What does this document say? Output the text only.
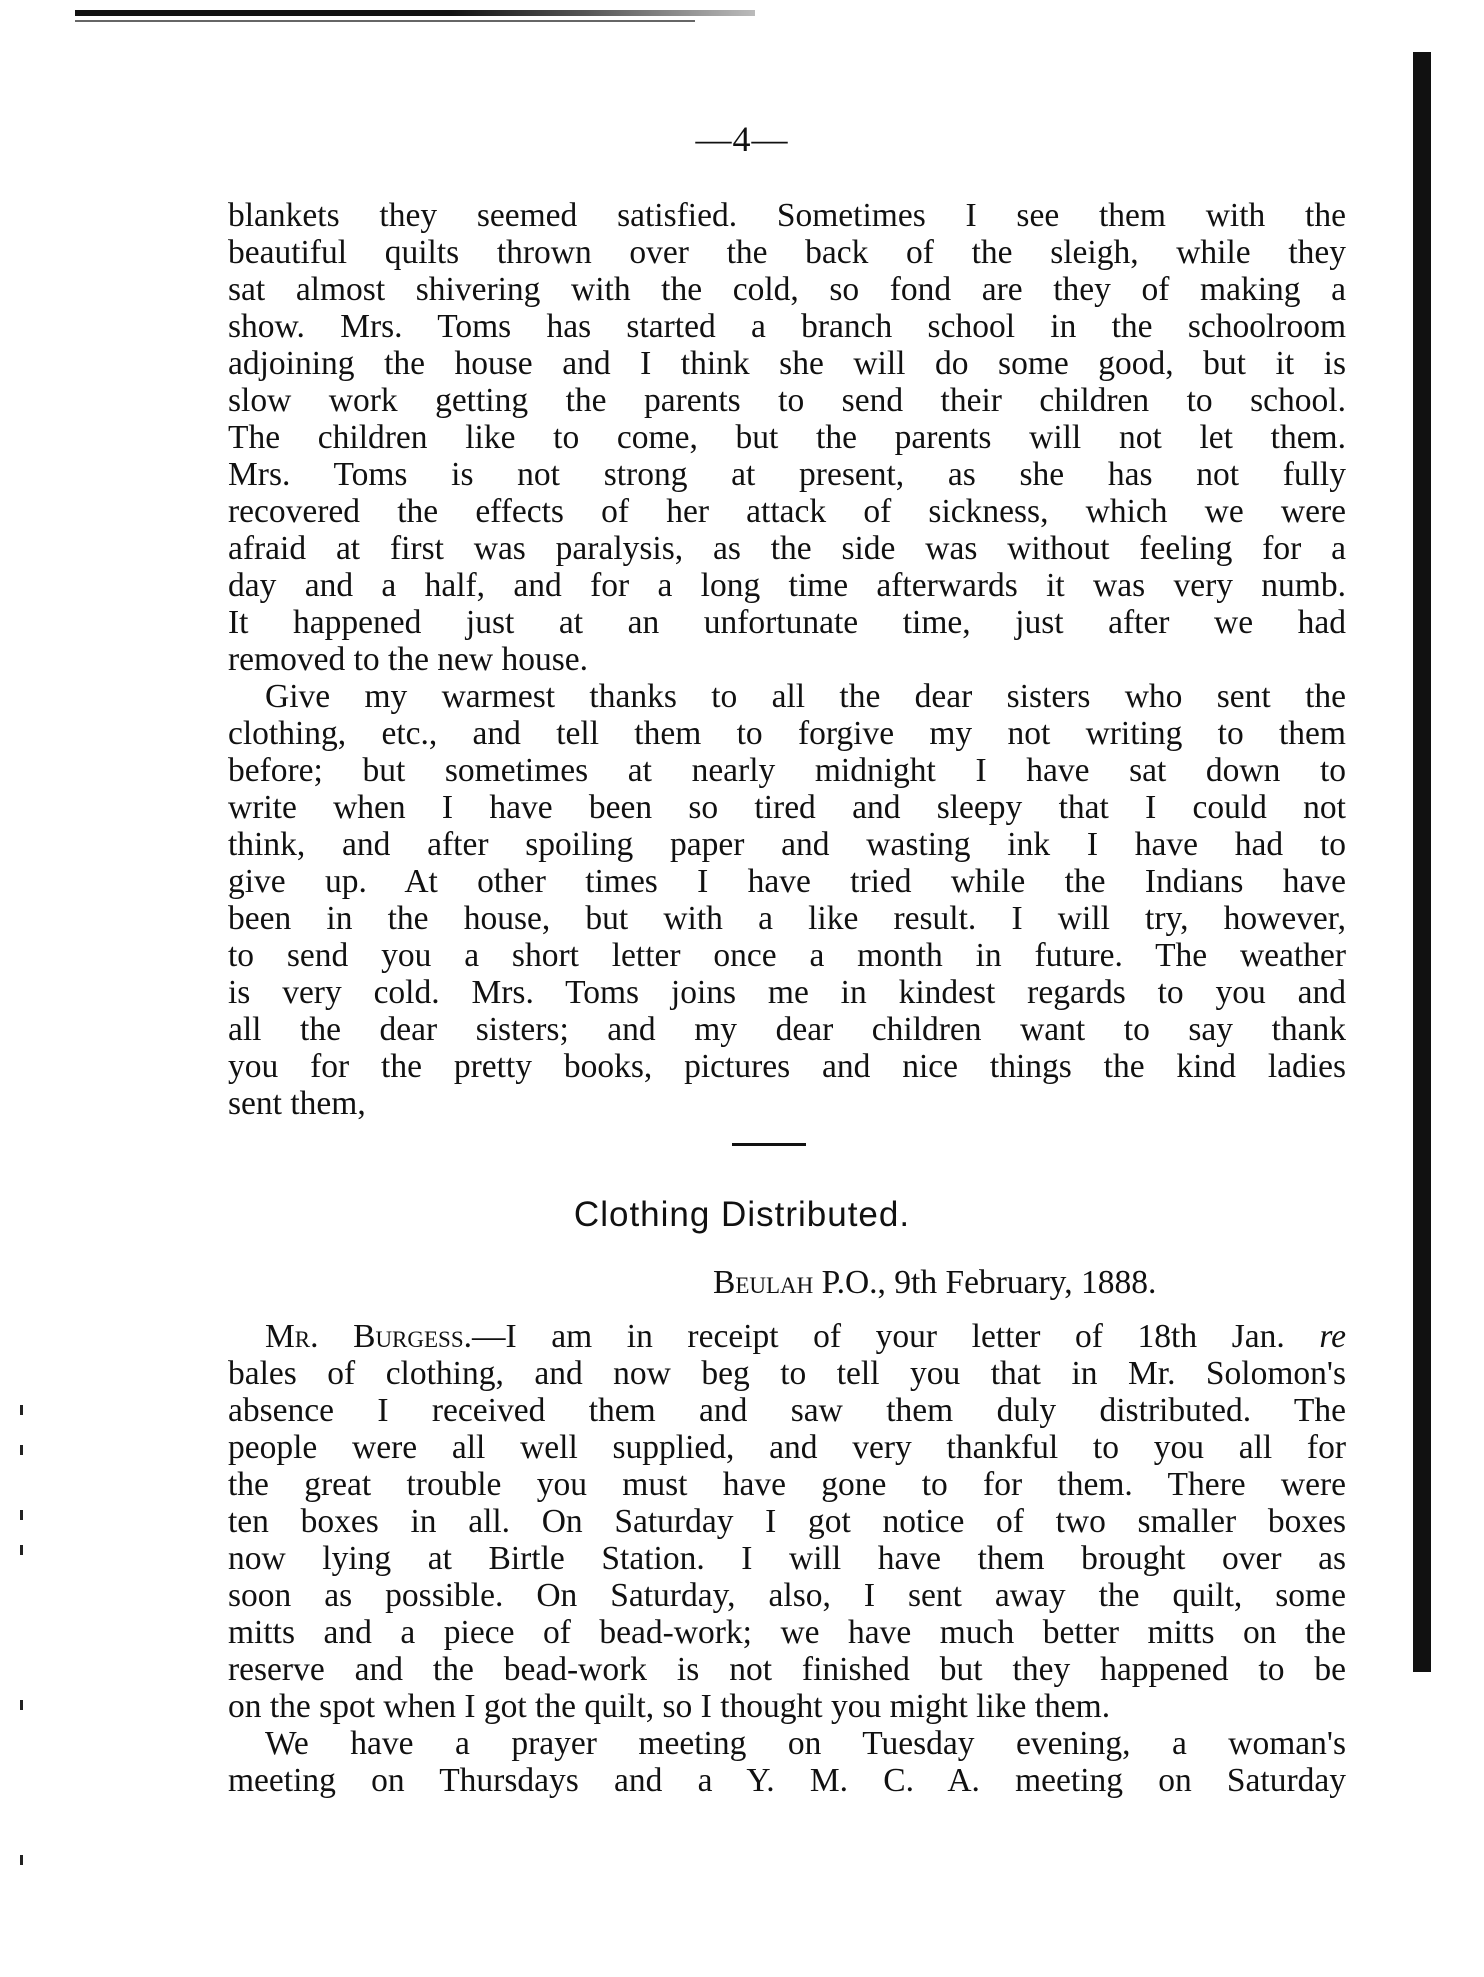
—4—
blankets they seemed satisfied. Sometimes I see them with the
beautiful quilts thrown over the back of the sleigh, while they
sat almost shivering with the cold, so fond are they of making a
show. Mrs. Toms has started a branch school in the schoolroom
adjoining the house and I think she will do some good, but it is
slow work getting the parents to send their children to school.
The children like to come, but the parents will not let them.
Mrs. Toms is not strong at present, as she has not fully
recovered the effects of her attack of sickness, which we were
afraid at first was paralysis, as the side was without feeling for a
day and a half, and for a long time afterwards it was very numb.
It happened just at an unfortunate time, just after we had
removed to the new house.
Give my warmest thanks to all the dear sisters who sent the
clothing, etc., and tell them to forgive my not writing to them
before; but sometimes at nearly midnight I have sat down to
write when I have been so tired and sleepy that I could not
think, and after spoiling paper and wasting ink I have had to
give up. At other times I have tried while the Indians have
been in the house, but with a like result. I will try, however,
to send you a short letter once a month in future. The weather
is very cold. Mrs. Toms joins me in kindest regards to you and
all the dear sisters; and my dear children want to say thank
you for the pretty books, pictures and nice things the kind ladies
sent them,
Clothing Distributed.
Beulah P.O., 9th February, 1888.
Mr. Burgess.—I am in receipt of your letter of 18th Jan. re
bales of clothing, and now beg to tell you that in Mr. Solomon's
absence I received them and saw them duly distributed. The
people were all well supplied, and very thankful to you all for
the great trouble you must have gone to for them. There were
ten boxes in all. On Saturday I got notice of two smaller boxes
now lying at Birtle Station. I will have them brought over as
soon as possible. On Saturday, also, I sent away the quilt, some
mitts and a piece of bead-work; we have much better mitts on the
reserve and the bead-work is not finished but they happened to be
on the spot when I got the quilt, so I thought you might like them.
We have a prayer meeting on Tuesday evening, a woman's
meeting on Thursdays and a Y. M. C. A. meeting on Saturday
